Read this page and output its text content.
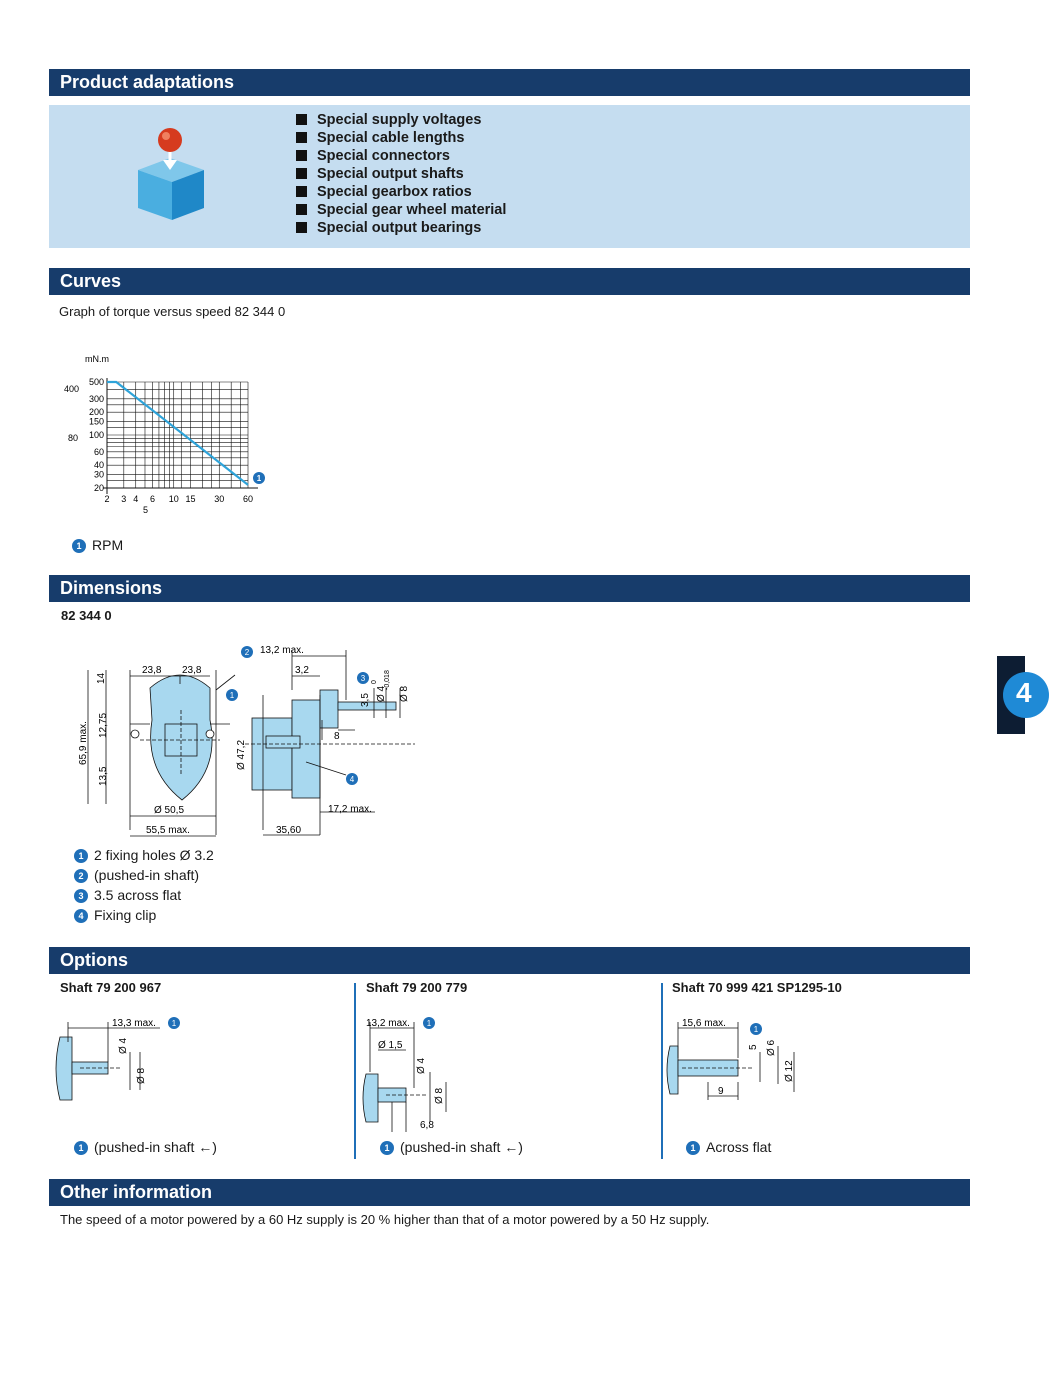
Product adaptations
Special supply voltages
Special cable lengths
Special connectors
Special output shafts
Special gearbox ratios
Special gear wheel material
Special output bearings
Curves
Graph of torque versus speed 82 344 0
500
300
200
150
100
60
40
30
20
2 3 4 6 10 15 30 60
mN.m
400
80
5
1
1 RPM
Dimensions
82 344 0
23,8 23,8
14
65,9 max. 12,75
13,5
Ø 50,5
55,5 max.
1
2 13,2 max.
3,2
3
3,5 Ø 4
0 -0,018
Ø 8
8
Ø 47,2
4
17,2 max.
35,60
1 2 fixing holes Ø 3.2
2 (pushed-in shaft)
3 3.5 across flat
4 Fixing clip
Options
Shaft 79 200 967
13,3 max.
Ø 4
Ø 8
1
1 (pushed-in shaft ←)
Shaft 79 200 779
13,2 max.
Ø 1,5
Ø 4
Ø 8
6,8
1
1 (pushed-in shaft ←)
Shaft 70 999 421 SP1295-10
15,6 max.
5 Ø 6
Ø 12
9
1
1 Across flat
Other information
The speed of a motor powered by a 60 Hz supply is 20 % higher than that of a motor powered by a 50 Hz supply.
4
